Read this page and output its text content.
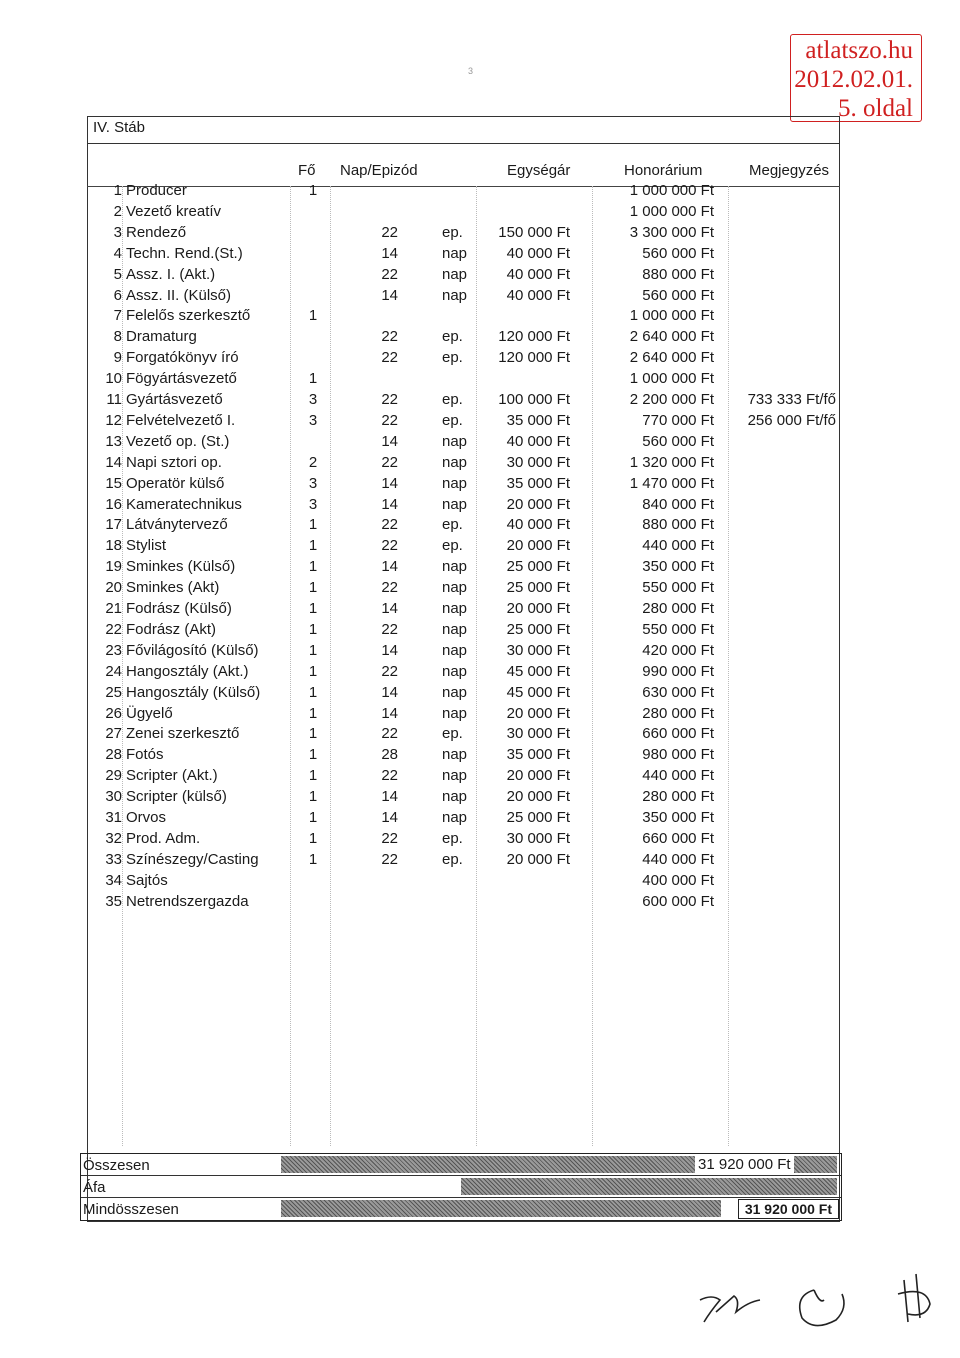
atlatszo.hu
2012.02.01.
5. oldal
3
IV. Stáb
Fő Nap/Epizód	Egységár	Honorárium	Megjegyzés
1 Producer	1	1 000 000 Ft
2 Vezető kreatív	1 000 000 Ft
3 Rendező	22	ep.	150 000 Ft	3 300 000 Ft
4 Techn. Rend.(St.)	14	nap	40 000 Ft	560 000 Ft
5 Assz. I. (Akt.)	22	nap	40 000 Ft	880 000 Ft
6 Assz. II. (Külső)	14	nap	40 000 Ft	560 000 Ft
7 Felelős szerkesztő	1	1 000 000 Ft
8 Dramaturg	22	ep.	120 000 Ft	2 640 000 Ft
9 Forgatókönyv író	22	ep.	120 000 Ft	2 640 000 Ft
10 Fögyártásvezető	1	1 000 000 Ft
11 Gyártásvezető	3	22	ep.	100 000 Ft	2 200 000 Ft	733 333 Ft/fő
12 Felvételvezető I.	3	22	ep.	35 000 Ft	770 000 Ft	256 000 Ft/fő
13 Vezető op. (St.)	14	nap	40 000 Ft	560 000 Ft
14 Napi sztori op.	2	22	nap	30 000 Ft	1 320 000 Ft
15 Operatör külső	3	14	nap	35 000 Ft	1 470 000 Ft
16 Kameratechnikus	3	14	nap	20 000 Ft	840 000 Ft
17 Látványtervező	1	22	ep.	40 000 Ft	880 000 Ft
18 Stylist	1	22	ep.	20 000 Ft	440 000 Ft
19 Sminkes (Külső)	1	14	nap	25 000 Ft	350 000 Ft
20 Sminkes (Akt)	1	22	nap	25 000 Ft	550 000 Ft
21 Fodrász (Külső)	1	14	nap	20 000 Ft	280 000 Ft
22 Fodrász (Akt)	1	22	nap	25 000 Ft	550 000 Ft
23 Fővilágosító (Külső)	1	14	nap	30 000 Ft	420 000 Ft
24 Hangosztály (Akt.)	1	22	nap	45 000 Ft	990 000 Ft
25 Hangosztály (Külső)	1	14	nap	45 000 Ft	630 000 Ft
26 Ügyelő	1	14	nap	20 000 Ft	280 000 Ft
27 Zenei szerkesztő	1	22	ep.	30 000 Ft	660 000 Ft
28 Fotós	1	28	nap	35 000 Ft	980 000 Ft
29 Scripter (Akt.)	1	22	nap	20 000 Ft	440 000 Ft
30 Scripter (külső)	1	14	nap	20 000 Ft	280 000 Ft
31 Orvos	1	14	nap	25 000 Ft	350 000 Ft
32 Prod. Adm.	1	22	ep.	30 000 Ft	660 000 Ft
33 Színészegy/Casting	1	22	ep.	20 000 Ft	440 000 Ft
34 Sajtós	400 000 Ft
35 Netrendszergazda	600 000 Ft
Összesen	31 920 000 Ft
Áfa
Mindösszesen	31 920 000 Ft
